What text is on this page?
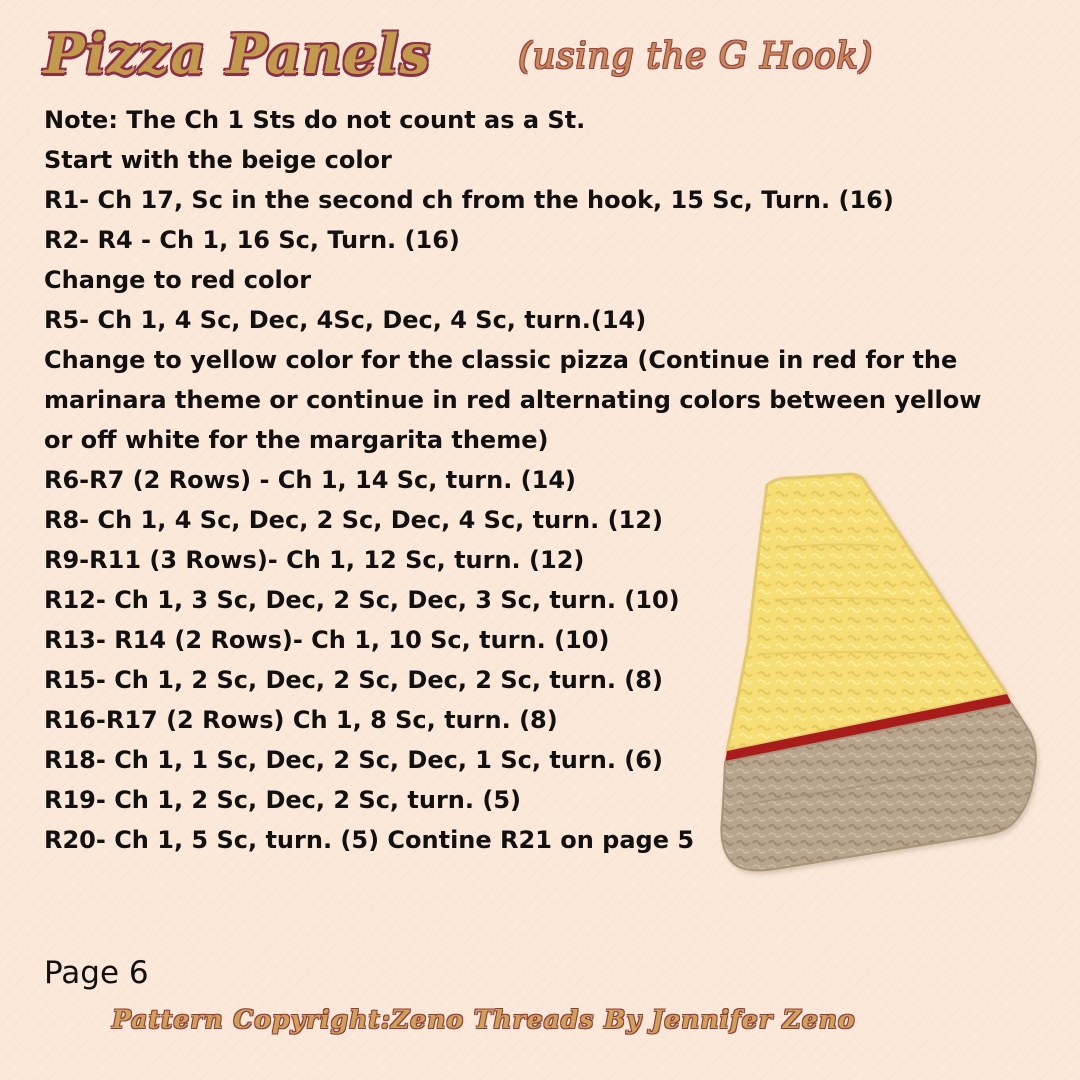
Pizza Panels (using the G Hook)
Note: The Ch 1 Sts do not count as a St.
Start with the beige color
R1- Ch 17, Sc in the second ch from the hook, 15 Sc, Turn. (16)
R2- R4 - Ch 1, 16 Sc, Turn. (16)
Change to red color
R5- Ch 1, 4 Sc, Dec, 4Sc, Dec, 4 Sc, turn.(14)
Change to yellow color for the classic pizza (Continue in red for the
marinara theme or continue in red alternating colors between yellow
or off white for the margarita theme)
R6-R7 (2 Rows) - Ch 1, 14 Sc, turn. (14)
R8- Ch 1, 4 Sc, Dec, 2 Sc, Dec, 4 Sc, turn. (12)
R9-R11 (3 Rows)- Ch 1, 12 Sc, turn. (12)
R12- Ch 1, 3 Sc, Dec, 2 Sc, Dec, 3 Sc, turn. (10)
R13- R14 (2 Rows)- Ch 1, 10 Sc, turn. (10)
R15- Ch 1, 2 Sc, Dec, 2 Sc, Dec, 2 Sc, turn. (8)
R16-R17 (2 Rows) Ch 1, 8 Sc, turn. (8)
R18- Ch 1, 1 Sc, Dec, 2 Sc, Dec, 1 Sc, turn. (6)
R19- Ch 1, 2 Sc, Dec, 2 Sc, turn. (5)
R20- Ch 1, 5 Sc, turn. (5) Contine R21 on page 5
Page 6
Pattern Copyright:Zeno Threads By Jennifer Zeno
